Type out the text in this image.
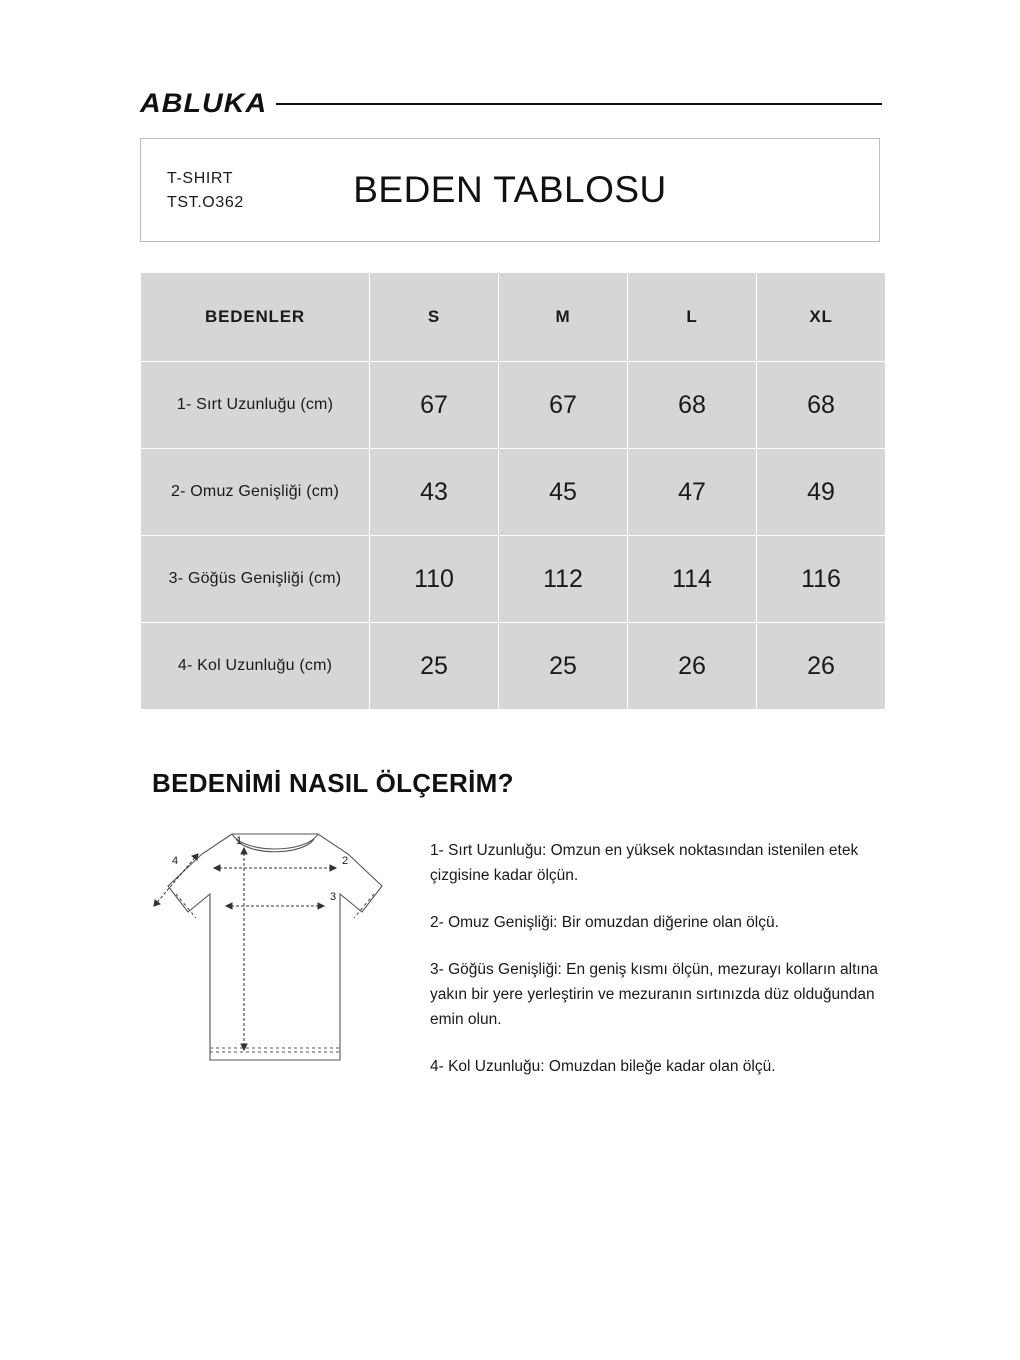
ABLUKA
T-SHIRT
TST.O362	BEDEN TABLOSU
BEDENLER	S	M	L	XL
1- Sırt Uzunluğu (cm)	67	67	68	68
2- Omuz Genişliği (cm)	43	45	47	49
3- Göğüs Genişliği (cm)	110	112	114	116
4- Kol Uzunluğu (cm)	25	25	26	26
BEDENİMİ NASIL ÖLÇERİM?
1
2
3
4

1- Sırt Uzunluğu: Omzun en yüksek noktasından istenilen etek çizgisine kadar ölçün.

2- Omuz Genişliği: Bir omuzdan diğerine olan ölçü.

3- Göğüs Genişliği: En geniş kısmı ölçün, mezurayı kolların altına yakın bir yere yerleştirin ve mezuranın sırtınızda düz olduğundan emin olun.

4- Kol Uzunluğu: Omuzdan bileğe kadar olan ölçü.
